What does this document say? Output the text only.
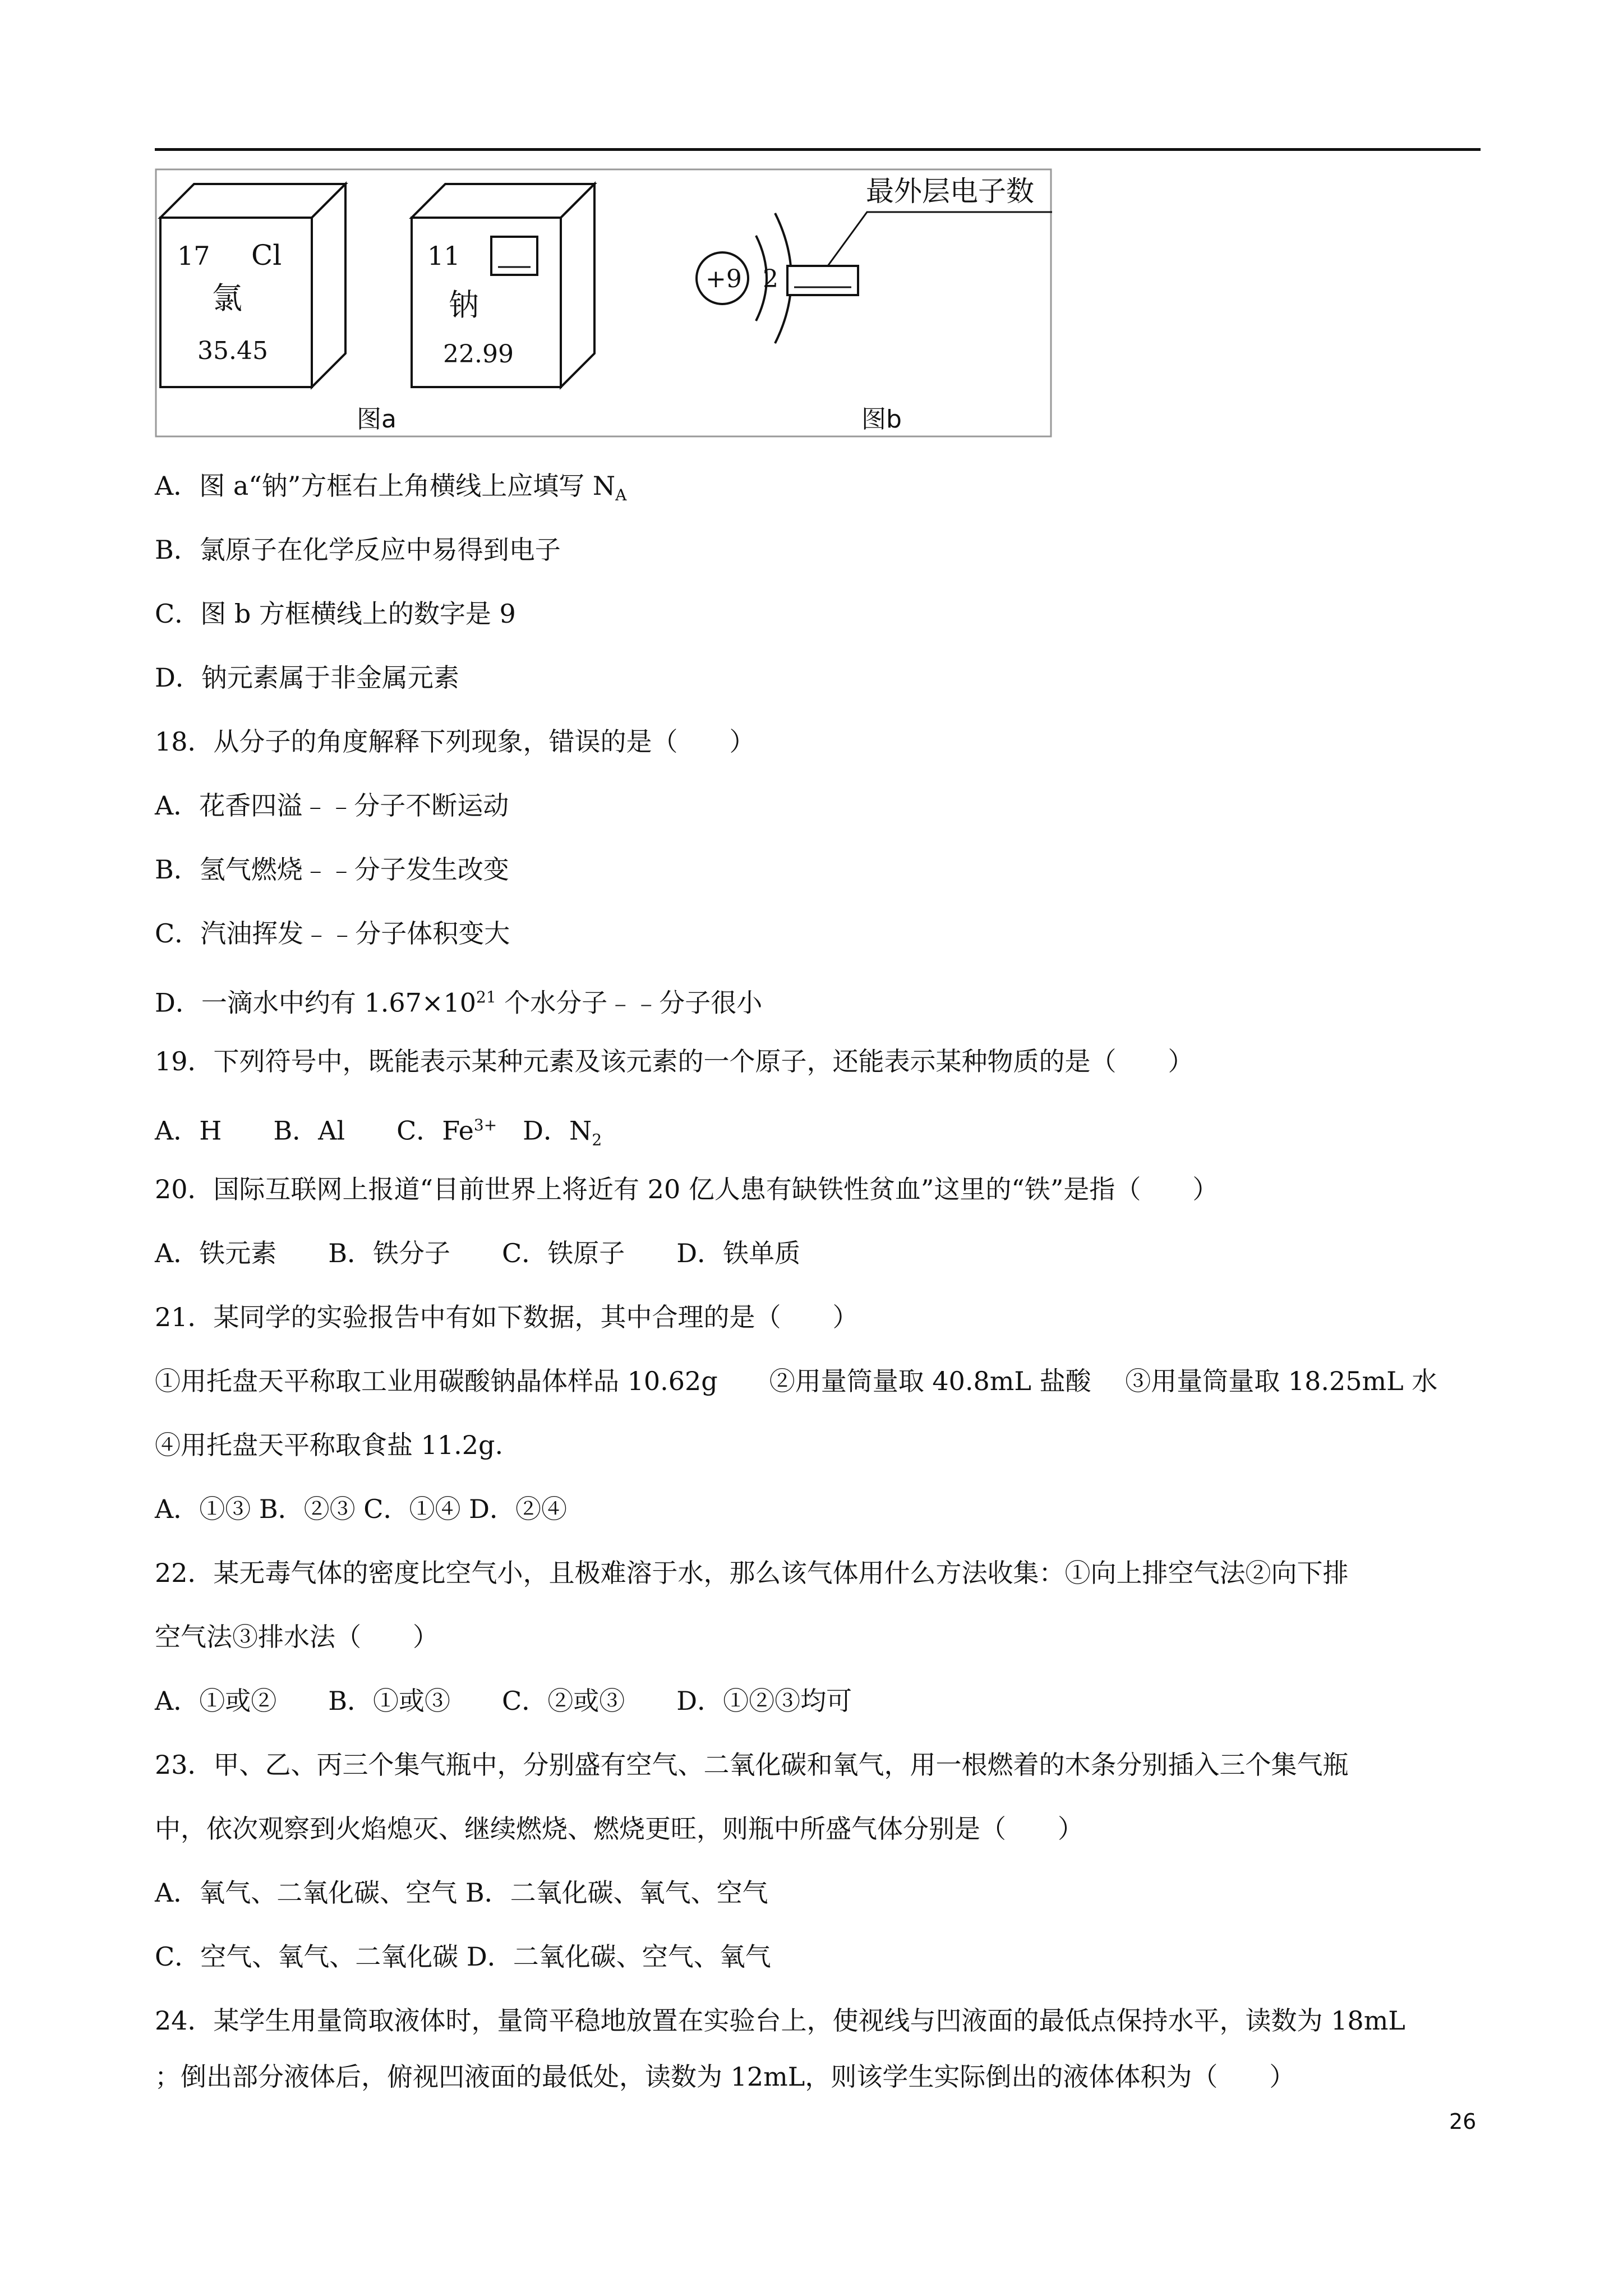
17 Cl
氯
35.45
11
钠
22.99
+9 2
最外层电子数
图a	图b
A．图 a“钠”方框右上角横线上应填写 $N_A$
B．氯原子在化学反应中易得到电子
C．图 b 方框横线上的数字是 9
D．钠元素属于非金属元素
18．从分子的角度解释下列现象，错误的是（　　）
A．花香四溢﹣﹣分子不断运动
B．氢气燃烧﹣﹣分子发生改变
C．汽油挥发﹣﹣分子体积变大
D．一滴水中约有 $1.67\times 10^{21}$ 个水分子﹣﹣分子很小
19．下列符号中，既能表示某种元素及该元素的一个原子，还能表示某种物质的是（　　）
A．H　　B．Al　　C．$Fe^{3+}$　D．$N_2$
20．国际互联网上报道“目前世界上将近有 20 亿人患有缺铁性贫血”这里的“铁”是指（　　）
A．铁元素　　B．铁分子　　C．铁原子　　D．铁单质
21．某同学的实验报告中有如下数据，其中合理的是（　　）
①用托盘天平称取工业用碳酸钠晶体样品 10.62g　　②用量筒量取 40.8mL 盐酸　 ③用量筒量取 18.25mL 水
④用托盘天平称取食盐 11.2g.
A．①③ B．②③ C．①④ D．②④
22．某无毒气体的密度比空气小，且极难溶于水，那么该气体用什么方法收集：①向上排空气法②向下排
空气法③排水法（　　）
A．①或②　　B．①或③　　C．②或③　　D．①②③均可
23．甲、乙、丙三个集气瓶中，分别盛有空气、二氧化碳和氧气，用一根燃着的木条分别插入三个集气瓶
中，依次观察到火焰熄灭、继续燃烧、燃烧更旺，则瓶中所盛气体分别是（　　）
A．氧气、二氧化碳、空气 B．二氧化碳、氧气、空气
C．空气、氧气、二氧化碳 D．二氧化碳、空气、氧气
24．某学生用量筒取液体时，量筒平稳地放置在实验台上，使视线与凹液面的最低点保持水平，读数为 18mL
；倒出部分液体后，俯视凹液面的最低处，读数为 12mL，则该学生实际倒出的液体体积为（　　）
26
